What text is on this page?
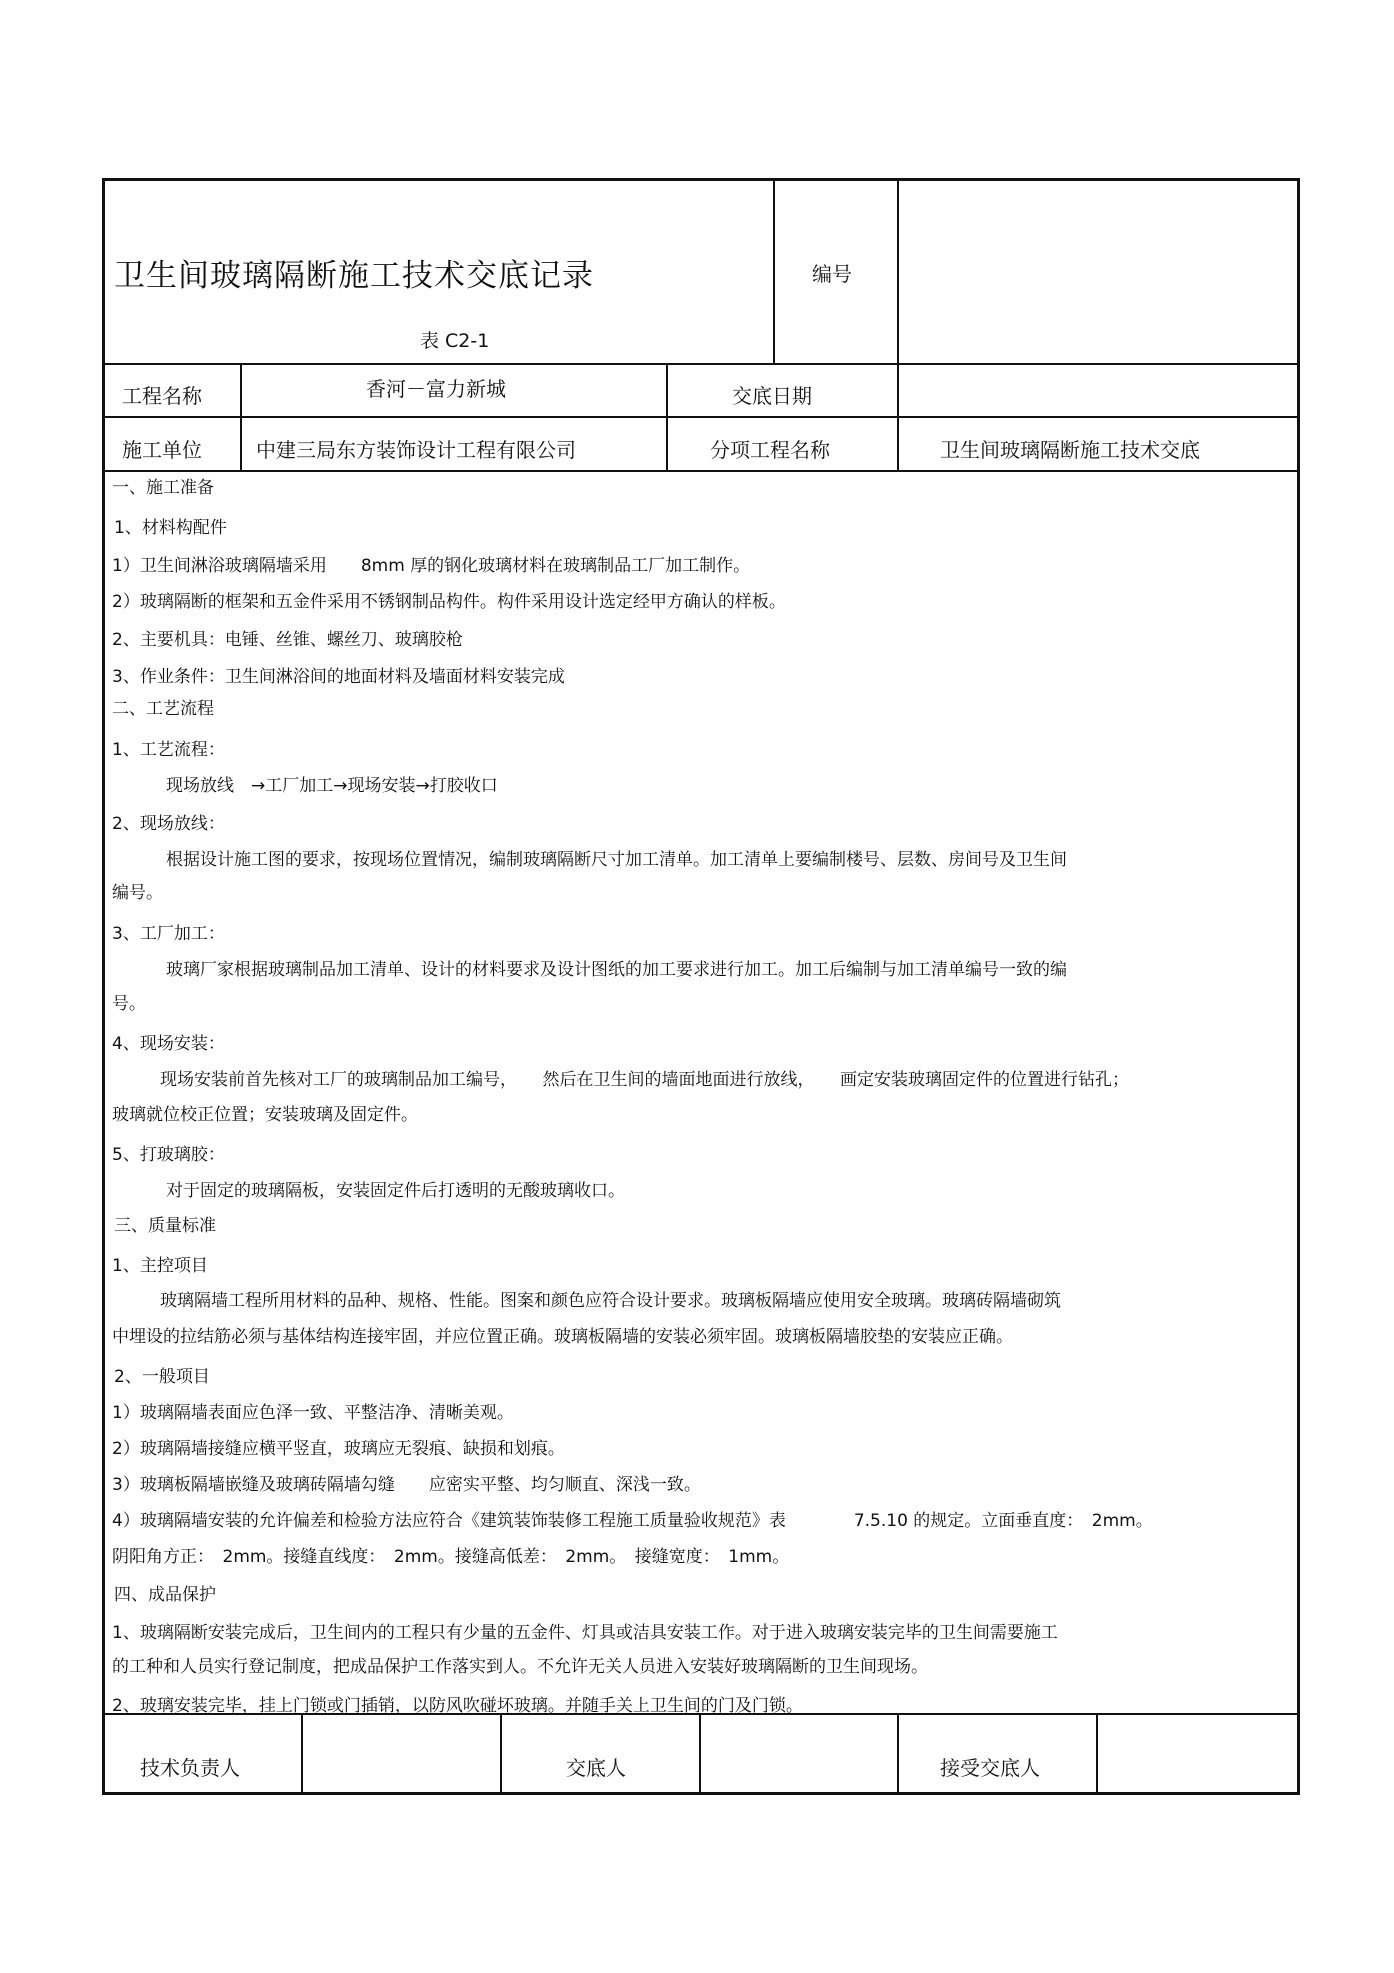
卫生间玻璃隔断施工技术交底记录
表 C2-1
编号
工程名称	香河－富力新城	交底日期
施工单位	中建三局东方装饰设计工程有限公司	分项工程名称	卫生间玻璃隔断施工技术交底
一、施工准备
1、材料构配件
1）卫生间淋浴玻璃隔墙采用　　8mm 厚的钢化玻璃材料在玻璃制品工厂加工制作。
2）玻璃隔断的框架和五金件采用不锈钢制品构件。构件采用设计选定经甲方确认的样板。
2、主要机具：电锤、丝锥、螺丝刀、玻璃胶枪
3、作业条件：卫生间淋浴间的地面材料及墙面材料安装完成
二、工艺流程
1、工艺流程：
现场放线　→工厂加工→现场安装→打胶收口
2、现场放线：
根据设计施工图的要求，按现场位置情况，编制玻璃隔断尺寸加工清单。加工清单上要编制楼号、层数、房间号及卫生间
编号。
3、工厂加工：
玻璃厂家根据玻璃制品加工清单、设计的材料要求及设计图纸的加工要求进行加工。加工后编制与加工清单编号一致的编
号。
4、现场安装：
现场安装前首先核对工厂的玻璃制品加工编号，　　然后在卫生间的墙面地面进行放线，　　画定安装玻璃固定件的位置进行钻孔；
玻璃就位校正位置；安装玻璃及固定件。
5、打玻璃胶：
对于固定的玻璃隔板，安装固定件后打透明的无酸玻璃收口。
三、质量标准
1、主控项目
玻璃隔墙工程所用材料的品种、规格、性能。图案和颜色应符合设计要求。玻璃板隔墙应使用安全玻璃。玻璃砖隔墙砌筑
中埋设的拉结筋必须与基体结构连接牢固，并应位置正确。玻璃板隔墙的安装必须牢固。玻璃板隔墙胶垫的安装应正确。
2、一般项目
1）玻璃隔墙表面应色泽一致、平整洁净、清晰美观。
2）玻璃隔墙接缝应横平竖直，玻璃应无裂痕、缺损和划痕。
3）玻璃板隔墙嵌缝及玻璃砖隔墙勾缝　　应密实平整、均匀顺直、深浅一致。
4）玻璃隔墙安装的允许偏差和检验方法应符合《建筑装饰装修工程施工质量验收规范》表　　　　7.5.10 的规定。立面垂直度：　2mm。
阴阳角方正：　2mm。接缝直线度：　2mm。接缝高低差：　2mm。　接缝宽度：　1mm。
四、成品保护
1、玻璃隔断安装完成后，卫生间内的工程只有少量的五金件、灯具或洁具安装工作。对于进入玻璃安装完毕的卫生间需要施工
的工种和人员实行登记制度，把成品保护工作落实到人。不允许无关人员进入安装好玻璃隔断的卫生间现场。
2、玻璃安装完毕，挂上门锁或门插销，以防风吹碰坏玻璃。并随手关上卫生间的门及门锁。
技术负责人	交底人	接受交底人
